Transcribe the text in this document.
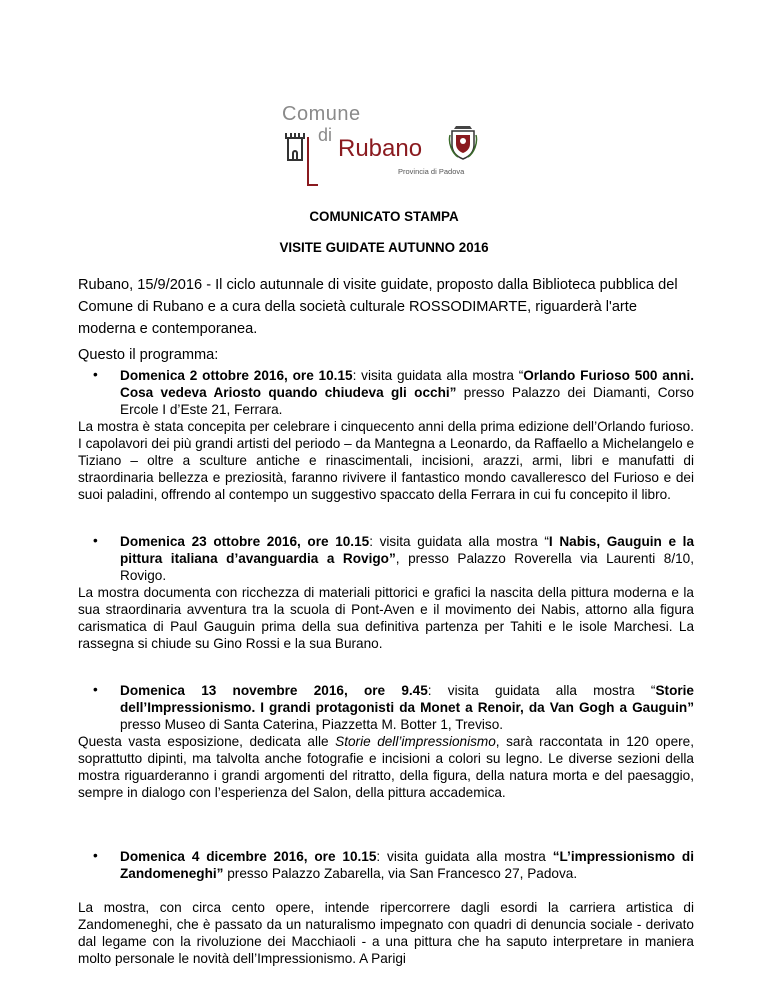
Comune
di Rubano
Provincia di Padova
COMUNICATO STAMPA
VISITE GUIDATE AUTUNNO 2016

Rubano, 15/9/2016 - Il ciclo autunnale di visite guidate, proposto dalla Biblioteca pubblica del Comune di Rubano e a cura della società culturale ROSSODIMARTE, riguarderà l'arte moderna e contemporanea.

Questo il programma:

• Domenica 2 ottobre 2016, ore 10.15: visita guidata alla mostra “Orlando Furioso 500 anni. Cosa vedeva Ariosto quando chiudeva gli occhi” presso Palazzo dei Diamanti, Corso Ercole I d’Este 21, Ferrara.

La mostra è stata concepita per celebrare i cinquecento anni della prima edizione dell’Orlando furioso. I capolavori dei più grandi artisti del periodo – da Mantegna a Leonardo, da Raffaello a Michelangelo e Tiziano – oltre a sculture antiche e rinascimentali, incisioni, arazzi, armi, libri e manufatti di straordinaria bellezza e preziosità, faranno rivivere il fantastico mondo cavalleresco del Furioso e dei suoi paladini, offrendo al contempo un suggestivo spaccato della Ferrara in cui fu concepito il libro.

• Domenica 23 ottobre 2016, ore 10.15: visita guidata alla mostra “I Nabis, Gauguin e la pittura italiana d’avanguardia a Rovigo”, presso Palazzo Roverella via Laurenti 8/10, Rovigo.

La mostra documenta con ricchezza di materiali pittorici e grafici la nascita della pittura moderna e la sua straordinaria avventura tra la scuola di Pont-Aven e il movimento dei Nabis, attorno alla figura carismatica di Paul Gauguin prima della sua definitiva partenza per Tahiti e le isole Marchesi. La rassegna si chiude su Gino Rossi e la sua Burano.

• Domenica 13 novembre 2016, ore 9.45: visita guidata alla mostra “Storie dell’Impressionismo. I grandi protagonisti da Monet a Renoir, da Van Gogh a Gauguin” presso Museo di Santa Caterina, Piazzetta M. Botter 1, Treviso.

Questa vasta esposizione, dedicata alle Storie dell’impressionismo, sarà raccontata in 120 opere, soprattutto dipinti, ma talvolta anche fotografie e incisioni a colori su legno. Le diverse sezioni della mostra riguarderanno i grandi argomenti del ritratto, della figura, della natura morta e del paesaggio, sempre in dialogo con l’esperienza del Salon, della pittura accademica.

• Domenica 4 dicembre 2016, ore 10.15: visita guidata alla mostra “L’impressionismo di Zandomeneghi” presso Palazzo Zabarella, via San Francesco 27, Padova.

La mostra, con circa cento opere, intende ripercorrere dagli esordi la carriera artistica di Zandomeneghi, che è passato da un naturalismo impegnato con quadri di denuncia sociale - derivato dal legame con la rivoluzione dei Macchiaoli - a una pittura che ha saputo interpretare in maniera molto personale le novità dell’Impressionismo. A Parigi
